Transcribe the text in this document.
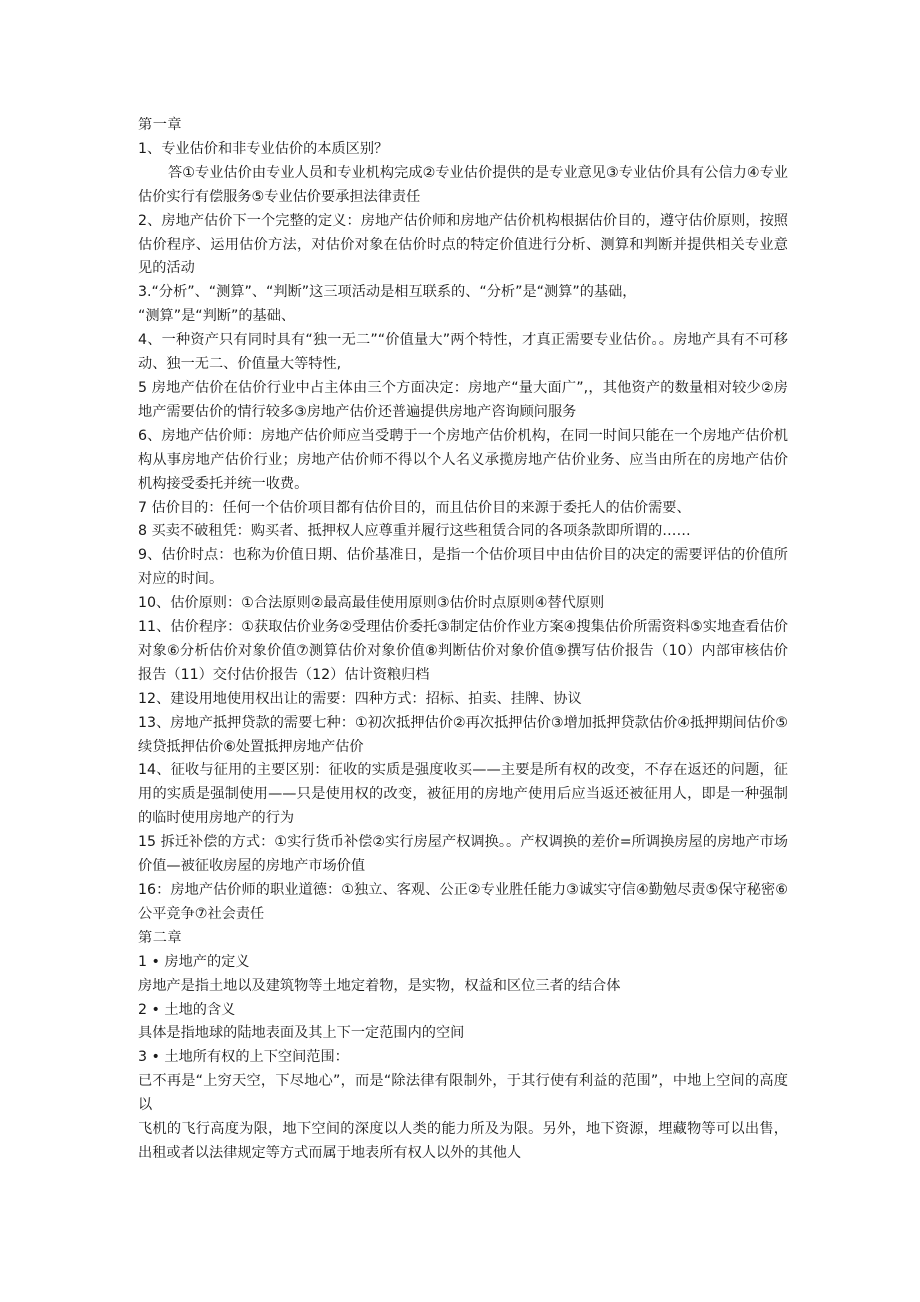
第一章

1、专业估价和非专业估价的本质区别？

答①专业估价由专业人员和专业机构完成②专业估价提供的是专业意见③专业估价具有公信力④专业估价实行有偿服务⑤专业估价要承担法律责任

2、房地产估价下一个完整的定义：房地产估价师和房地产估价机构根据估价目的，遵守估价原则，按照估价程序、运用估价方法，对估价对象在估价时点的特定价值进行分析、测算和判断并提供相关专业意见的活动

3.“分析”、“测算”、“判断”这三项活动是相互联系的、“分析”是“测算”的基础，

“测算”是“判断”的基础、

4、一种资产只有同时具有“独一无二”“价值量大”两个特性，才真正需要专业估价。。房地产具有不可移动、独一无二、价值量大等特性,

5 房地产估价在估价行业中占主体由三个方面决定：房地产“量大面广”,，其他资产的数量相对较少②房地产需要估价的情行较多③房地产估价还普遍提供房地产咨询顾问服务

6、房地产估价师：房地产估价师应当受聘于一个房地产估价机构，在同一时间只能在一个房地产估价机构从事房地产估价行业；房地产估价师不得以个人名义承揽房地产估价业务、应当由所在的房地产估价机构接受委托并统一收费。

7 估价目的：任何一个估价项目都有估价目的，而且估价目的来源于委托人的估价需要、

8 买卖不破租凭：购买者、抵押权人应尊重并履行这些租赁合同的各项条款即所谓的……

9、估价时点：也称为价值日期、估价基准日，是指一个估价项目中由估价目的决定的需要评估的价值所对应的时间。

10、估价原则：①合法原则②最高最佳使用原则③估价时点原则④替代原则

11、估价程序：①获取估价业务②受理估价委托③制定估价作业方案④搜集估价所需资料⑤实地查看估价对象⑥分析估价对象价值⑦测算估价对象价值⑧判断估价对象价值⑨撰写估价报告（10）内部审核估价报告（11）交付估价报告（12）估计资粮归档

12、建设用地使用权出让的需要：四种方式：招标、拍卖、挂牌、协议

13、房地产抵押贷款的需要七种：①初次抵押估价②再次抵押估价③增加抵押贷款估价④抵押期间估价⑤续贷抵押估价⑥处置抵押房地产估价

14、征收与征用的主要区别：征收的实质是强度收买——主要是所有权的改变，不存在返还的问题，征用的实质是强制使用——只是使用权的改变，被征用的房地产使用后应当返还被征用人，即是一种强制的临时使用房地产的行为

15 拆迁补偿的方式：①实行货币补偿②实行房屋产权调换。。产权调换的差价=所调换房屋的房地产市场价值—被征收房屋的房地产市场价值

16：房地产估价师的职业道德：①独立、客观、公正②专业胜任能力③诚实守信④勤勉尽责⑤保守秘密⑥公平竞争⑦社会责任

第二章

1 • 房地产的定义

房地产是指土地以及建筑物等土地定着物，是实物，权益和区位三者的结合体

2 • 土地的含义

具体是指地球的陆地表面及其上下一定范围内的空间

3 • 土地所有权的上下空间范围：

已不再是“上穷天空，下尽地心”，而是“除法律有限制外，于其行使有利益的范围”，中地上空间的高度以

飞机的飞行高度为限，地下空间的深度以人类的能力所及为限。另外，地下资源，埋藏物等可以出售，出租或者以法律规定等方式而属于地表所有权人以外的其他人
